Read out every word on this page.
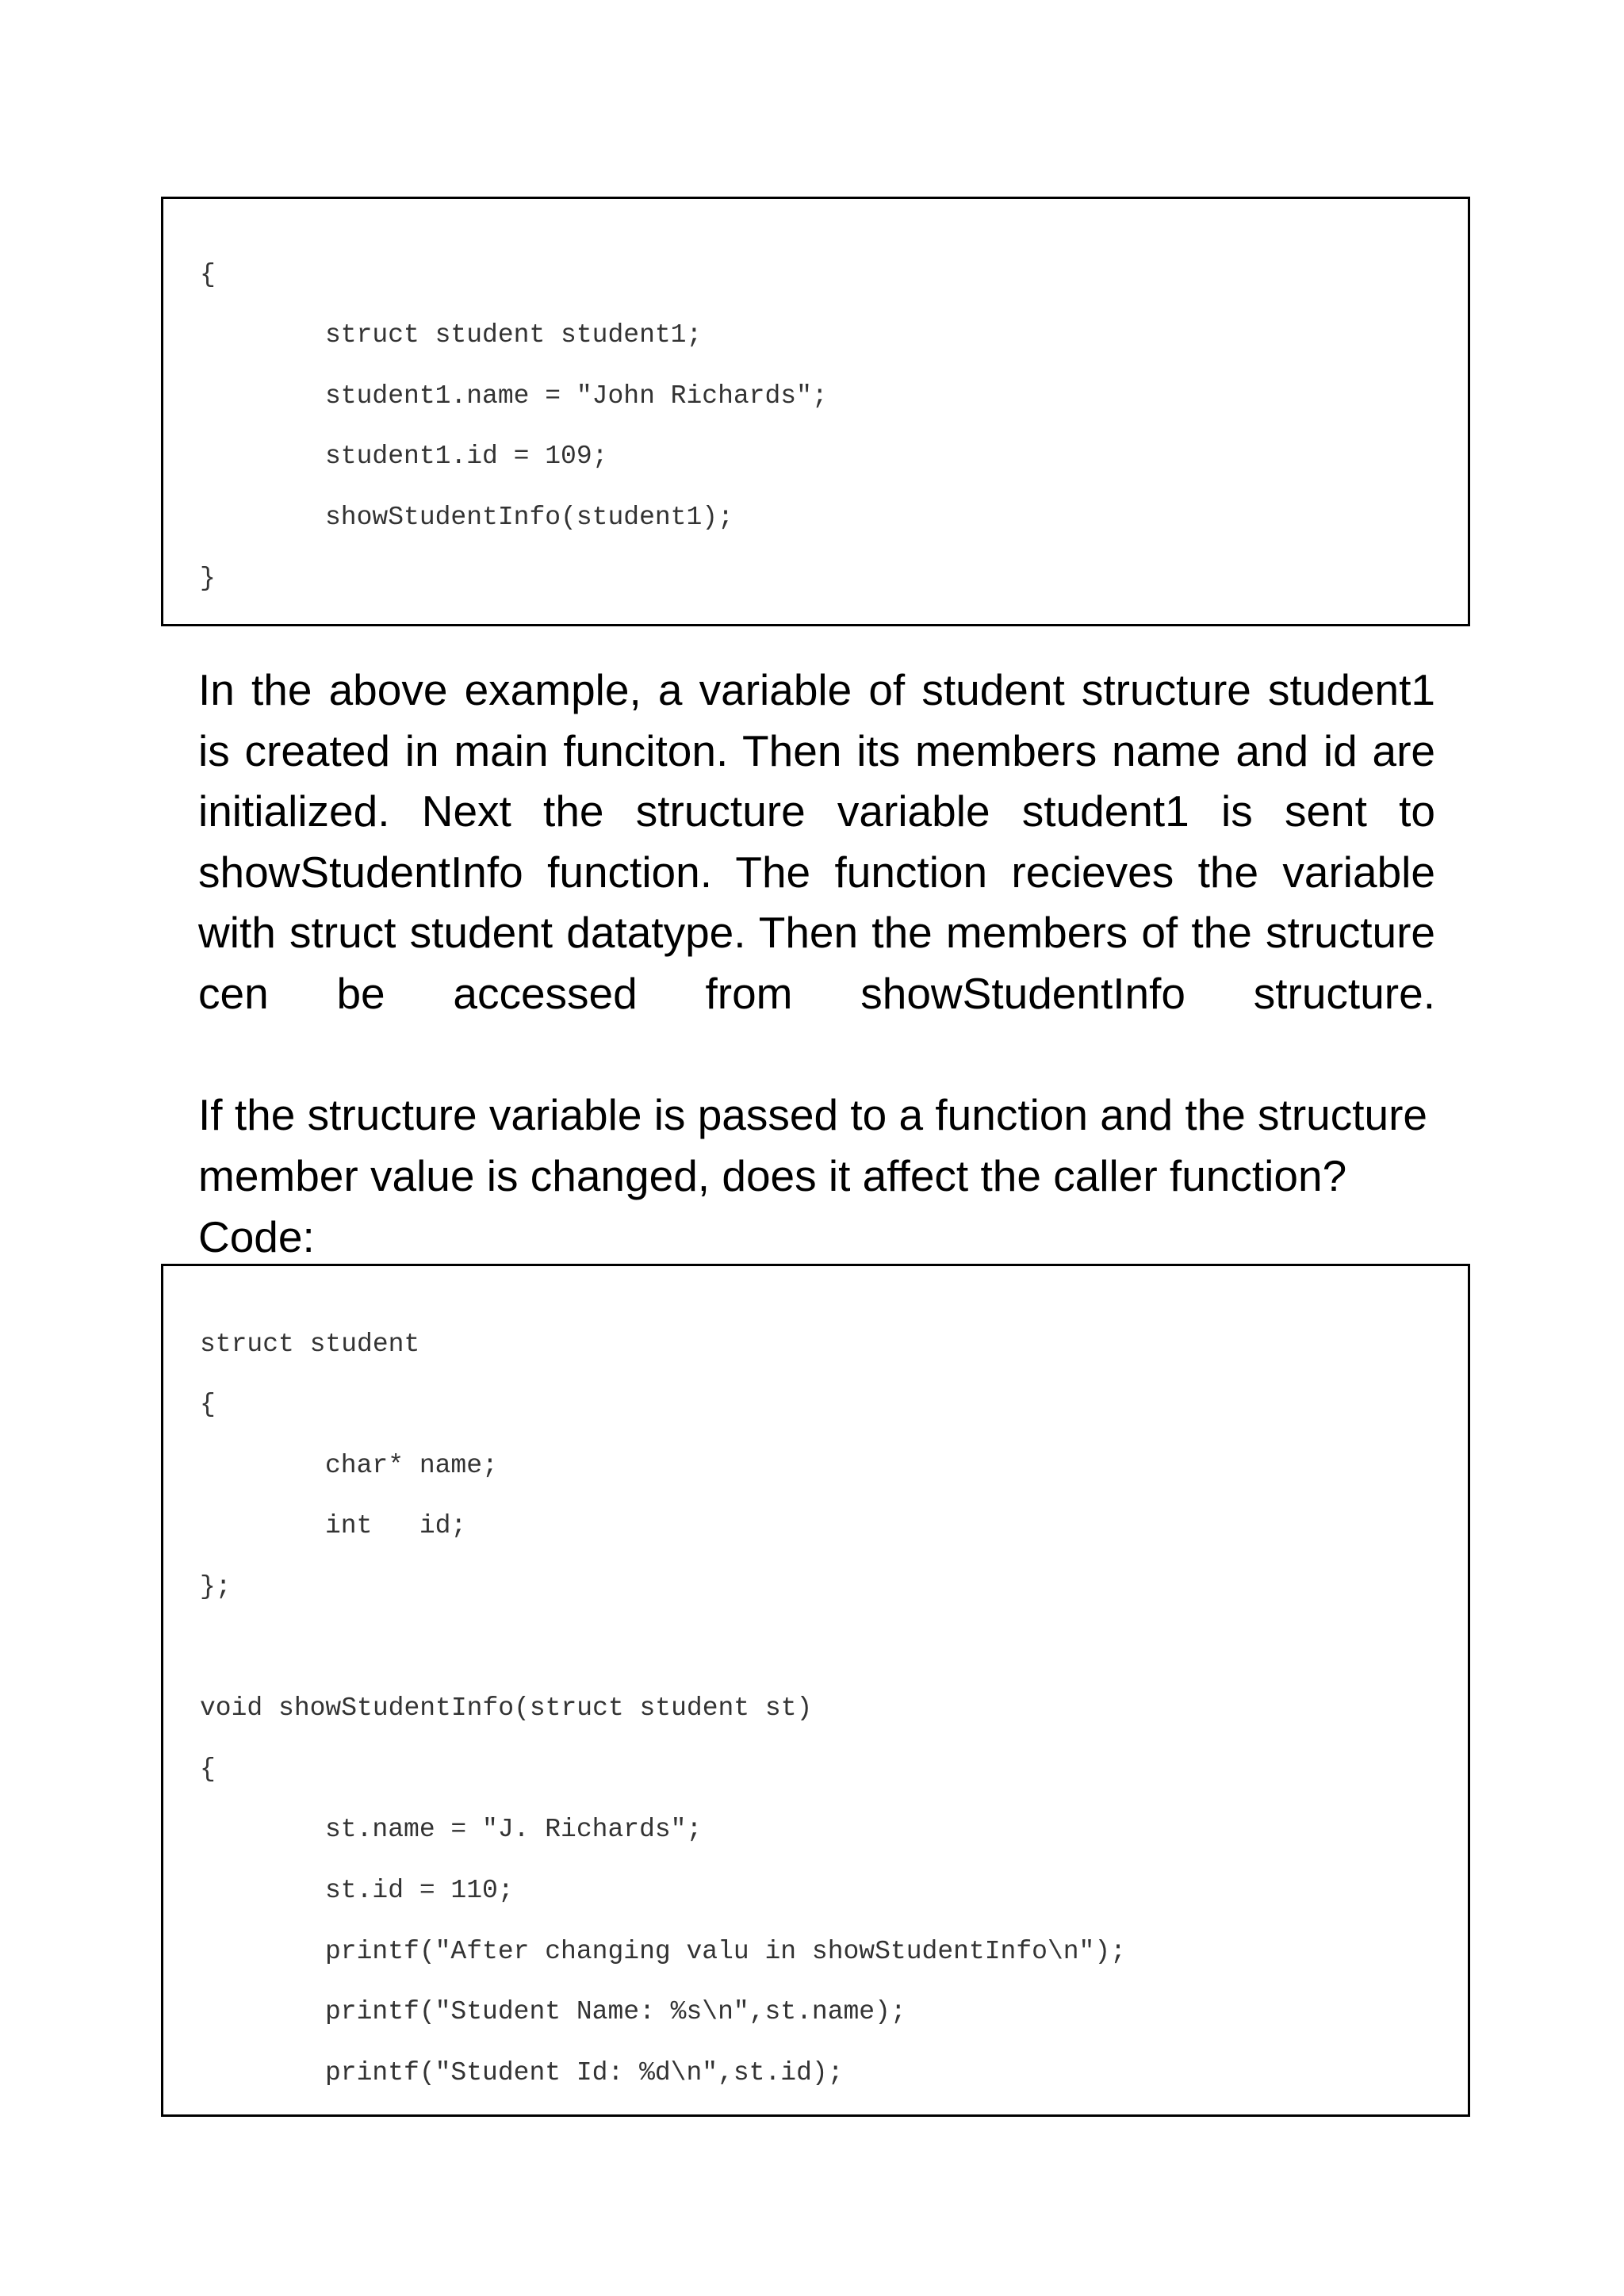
{
struct student student1;
student1.name = "John Richards";
student1.id = 109;
showStudentInfo(student1);
}
In the above example, a variable of student structure student1 is created in main funciton. Then its members name and id are initialized. Next the structure variable student1 is sent to showStudentInfo function. The function recieves the variable with struct student datatype. Then the members of the structure cen be accessed from showStudentInfo structure.
If the structure variable is passed to a function and the structure member value is changed, does it affect the caller function?
Code:
struct student
{
char* name;
int   id;
};
void showStudentInfo(struct student st)
{
st.name = "J. Richards";
st.id = 110;
printf("After changing valu in showStudentInfo\n");
printf("Student Name: %s\n",st.name);
printf("Student Id: %d\n",st.id);
